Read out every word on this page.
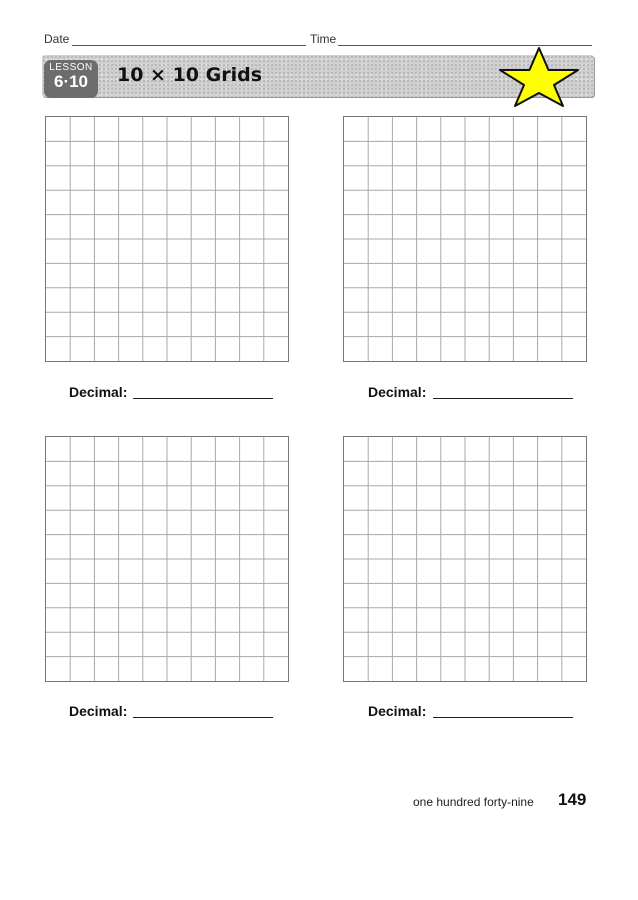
Date	Time
LESSON
6·10	10 × 10 Grids
Decimal:	Decimal:
Decimal:	Decimal:
one hundred forty-nine 149
